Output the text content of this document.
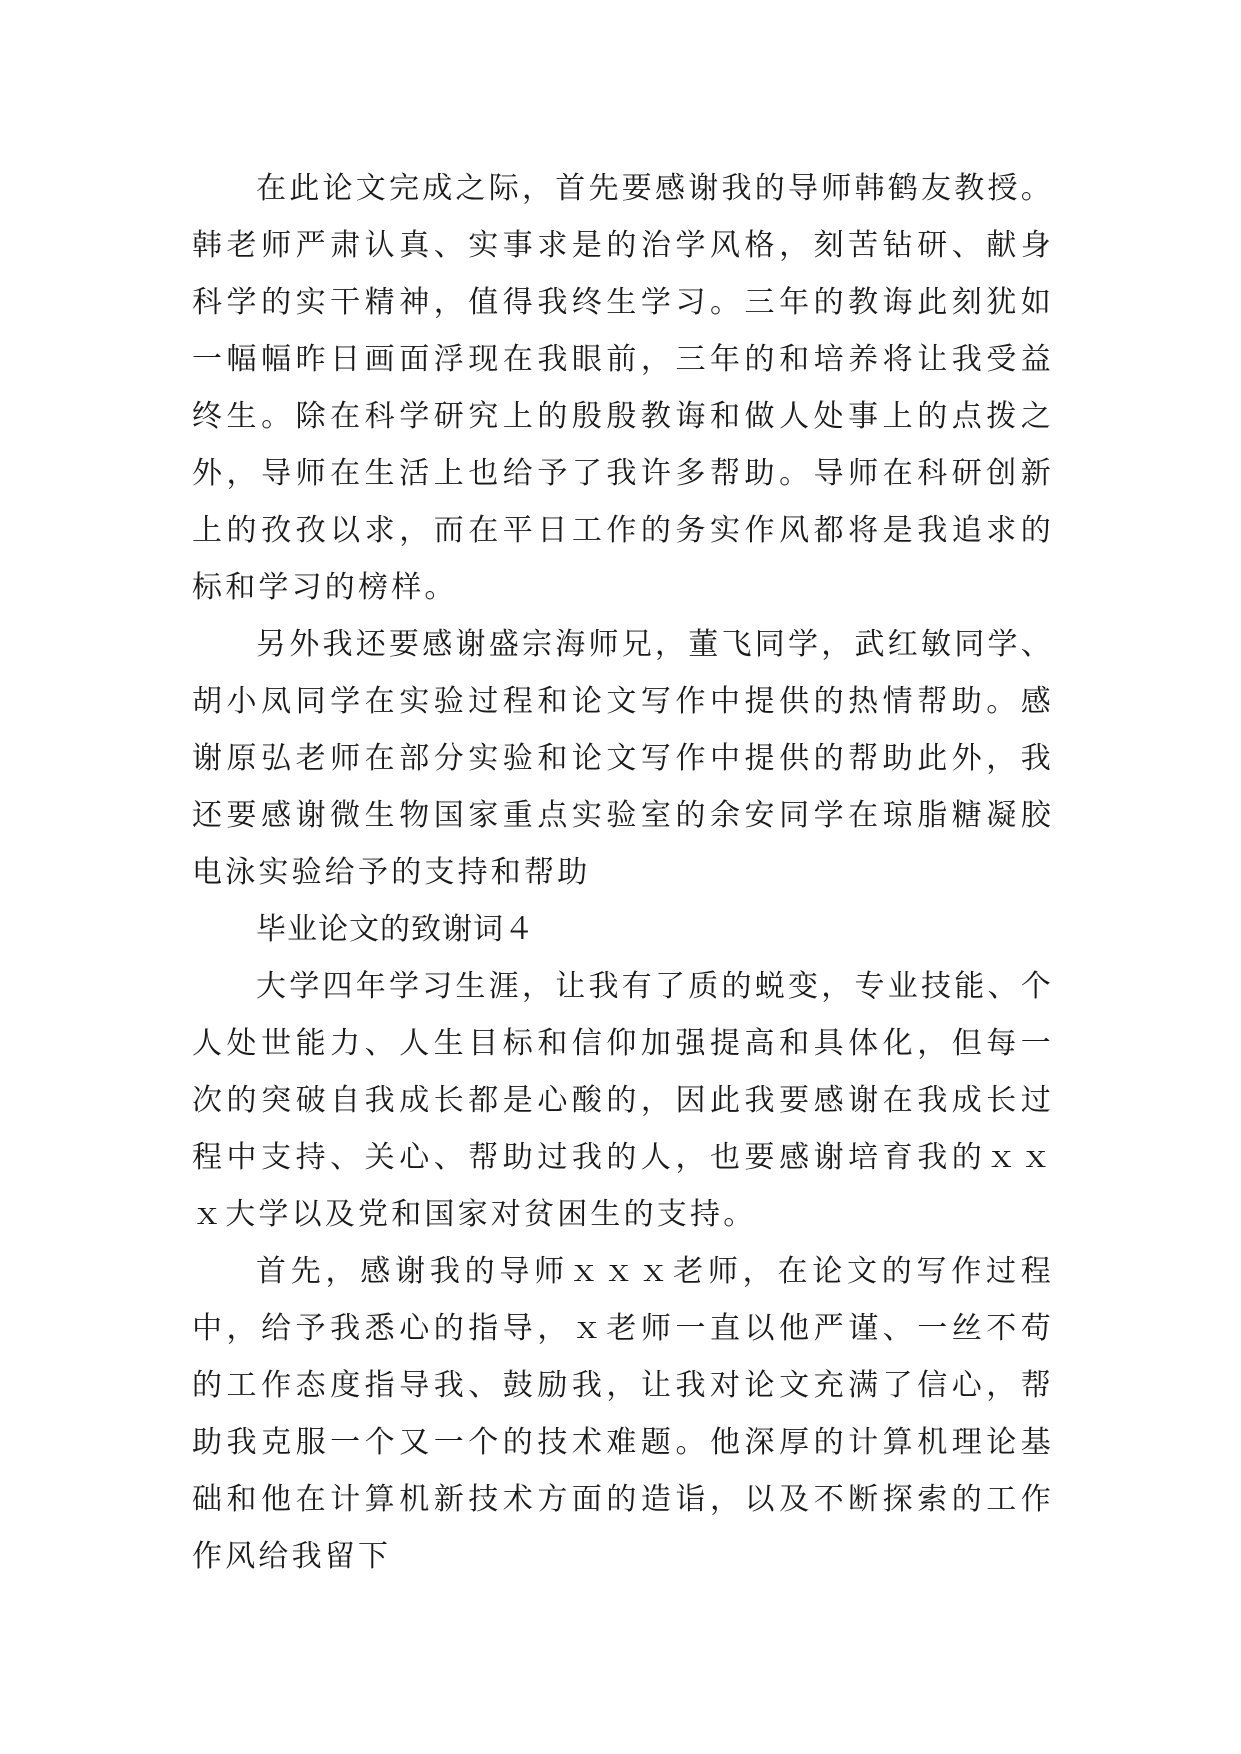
在此论文完成之际，首先要感谢我的导师韩鹤友教授。韩老师严肃认真、实事求是的治学风格，刻苦钻研、献身科学的实干精神，值得我终生学习。三年的教诲此刻犹如一幅幅昨日画面浮现在我眼前，三年的和培养将让我受益终生。除在科学研究上的殷殷教诲和做人处事上的点拨之外，导师在生活上也给予了我许多帮助。导师在科研创新上的孜孜以求，而在平日工作的务实作风都将是我追求的标和学习的榜样。

另外我还要感谢盛宗海师兄，董飞同学，武红敏同学、胡小凤同学在实验过程和论文写作中提供的热情帮助。感谢原弘老师在部分实验和论文写作中提供的帮助此外，我还要感谢微生物国家重点实验室的余安同学在琼脂糖凝胶电泳实验给予的支持和帮助

毕业论文的致谢词４

大学四年学习生涯，让我有了质的蜕变，专业技能、个人处世能力、人生目标和信仰加强提高和具体化，但每一次的突破自我成长都是心酸的，因此我要感谢在我成长过程中支持、关心、帮助过我的人，也要感谢培育我的ｘｘｘ大学以及党和国家对贫困生的支持。

首先，感谢我的导师ｘｘｘ老师，在论文的写作过程中，给予我悉心的指导，ｘ老师一直以他严谨、一丝不苟的工作态度指导我、鼓励我，让我对论文充满了信心，帮助我克服一个又一个的技术难题。他深厚的计算机理论基础和他在计算机新技术方面的造诣，以及不断探索的工作作风给我留下
